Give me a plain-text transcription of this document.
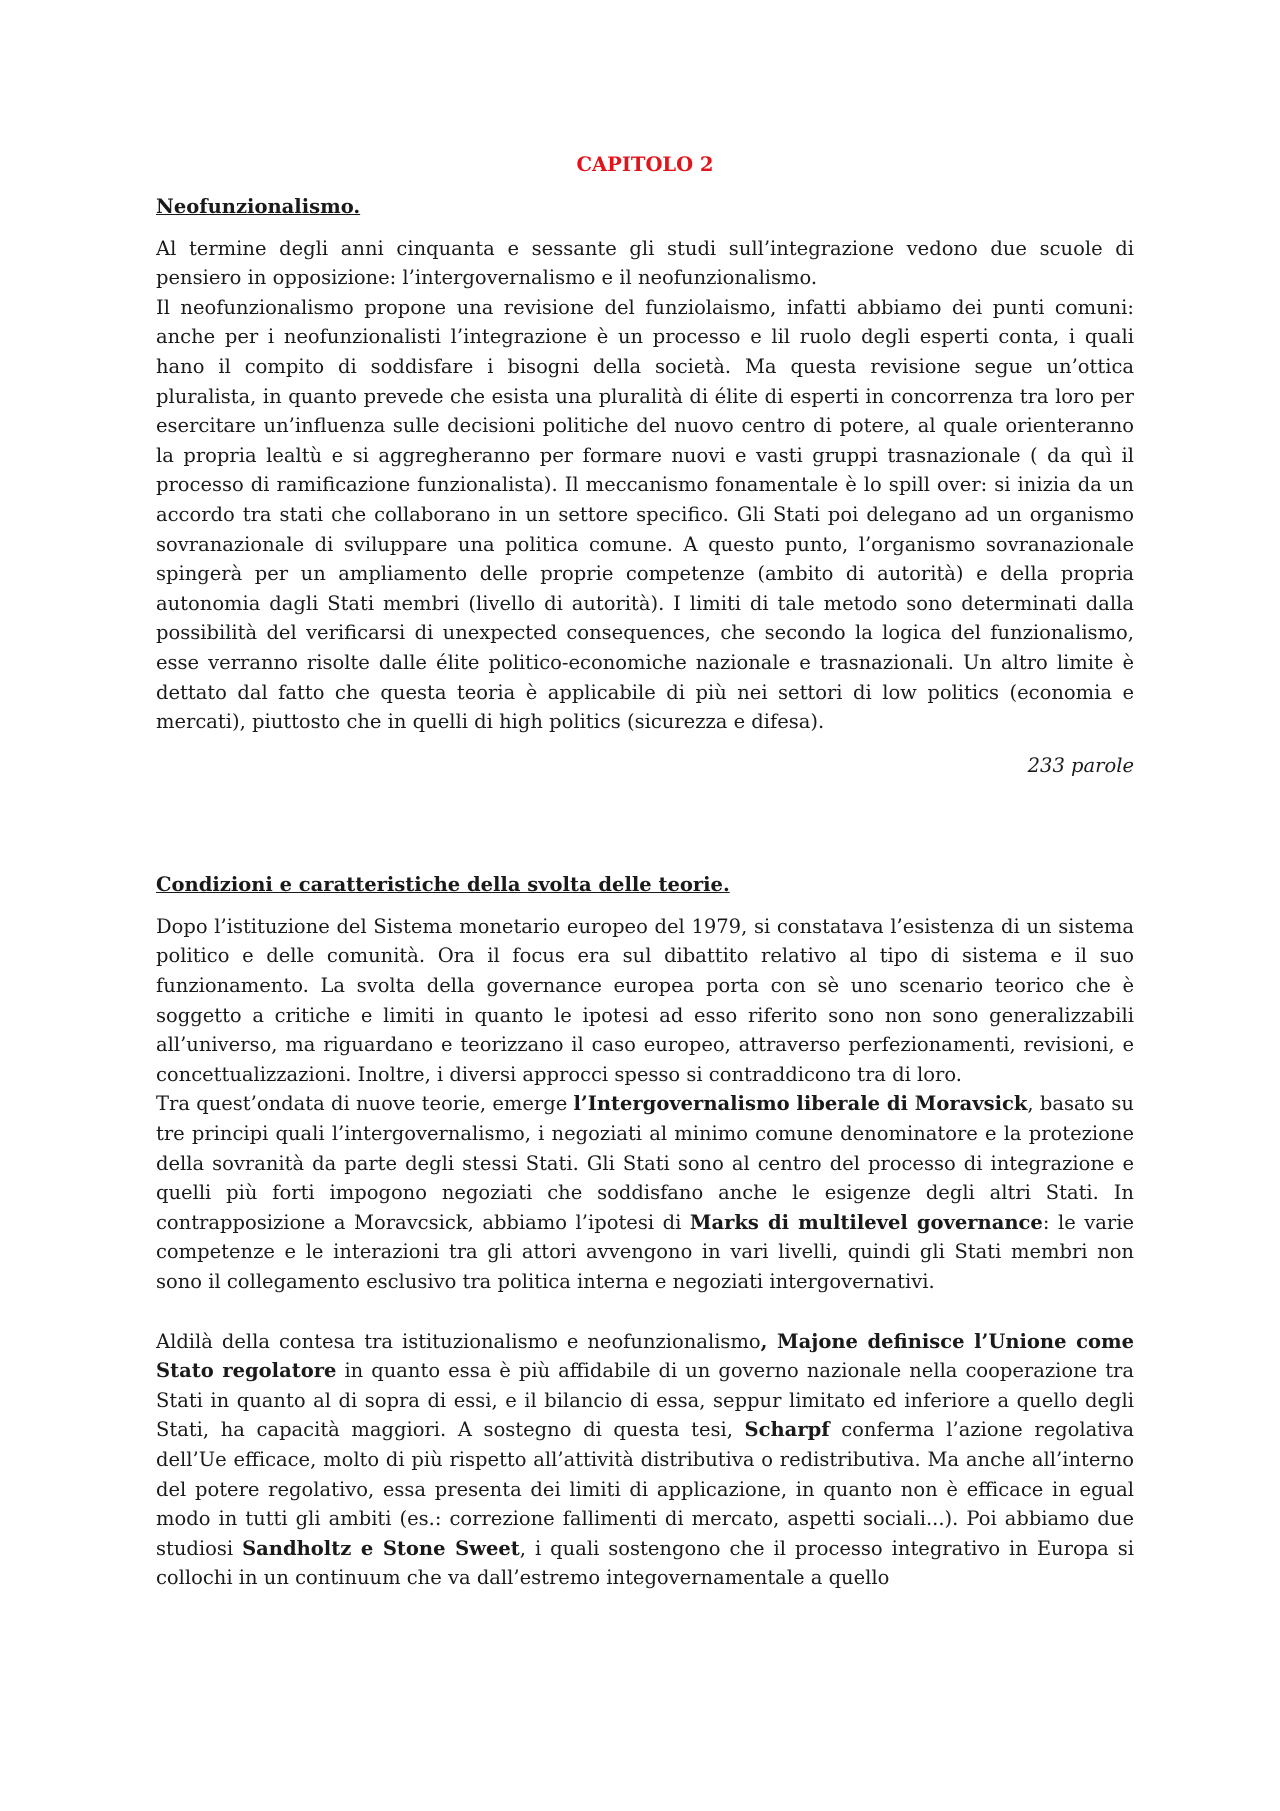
CAPITOLO 2
Neofunzionalismo.

Al termine degli anni cinquanta e sessante gli studi sull’integrazione vedono due scuole di pensiero in opposizione: l’intergovernalismo e il neofunzionalismo.

Il neofunzionalismo propone una revisione del funziolaismo, infatti abbiamo dei punti comuni: anche per i neofunzionalisti l’integrazione è un processo e lil ruolo degli esperti conta, i quali hano il compito di soddisfare i bisogni della società. Ma questa revisione segue un’ottica pluralista, in quanto prevede che esista una pluralità di élite di esperti in concorrenza tra loro per esercitare un’influenza sulle decisioni politiche del nuovo centro di potere, al quale orienteranno la propria lealtù e si aggregheranno per formare nuovi e vasti gruppi trasnazionale ( da quì il processo di ramificazione funzionalista). Il meccanismo fonamentale è lo spill over: si inizia da un accordo tra stati che collaborano in un settore specifico. Gli Stati poi delegano ad un organismo sovranazionale di sviluppare una politica comune. A questo punto, l’organismo sovranazionale spingerà per un ampliamento delle proprie competenze (ambito di autorità) e della propria autonomia dagli Stati membri (livello di autorità). I limiti di tale metodo sono determinati dalla possibilità del verificarsi di unexpected consequences, che secondo la logica del funzionalismo, esse verranno risolte dalle élite politico-economiche nazionale e trasnazionali. Un altro limite è dettato dal fatto che questa teoria è applicabile di più nei settori di low politics (economia e mercati), piuttosto che in quelli di high politics (sicurezza e difesa).

233 parole
Condizioni e caratteristiche della svolta delle teorie.

Dopo l’istituzione del Sistema monetario europeo del 1979, si constatava l’esistenza di un sistema politico e delle comunità. Ora il focus era sul dibattito relativo al tipo di sistema e il suo funzionamento. La svolta della governance europea porta con sè uno scenario teorico che è soggetto a critiche e limiti in quanto le ipotesi ad esso riferito sono non sono generalizzabili all’universo, ma riguardano e teorizzano il caso europeo, attraverso perfezionamenti, revisioni, e concettualizzazioni. Inoltre, i diversi approcci spesso si contraddicono tra di loro.

Tra quest’ondata di nuove teorie, emerge l’Intergovernalismo liberale di Moravsick, basato su tre principi quali l’intergovernalismo, i negoziati al minimo comune denominatore e la protezione della sovranità da parte degli stessi Stati. Gli Stati sono al centro del processo di integrazione e quelli più forti impogono negoziati che soddisfano anche le esigenze degli altri Stati. In contrapposizione a Moravcsick, abbiamo l’ipotesi di Marks di multilevel governance: le varie competenze e le interazioni tra gli attori avvengono in vari livelli, quindi gli Stati membri non sono il collegamento esclusivo tra politica interna e negoziati intergovernativi.

Aldilà della contesa tra istituzionalismo e neofunzionalismo, Majone definisce l’Unione come Stato regolatore in quanto essa è più affidabile di un governo nazionale nella cooperazione tra Stati in quanto al di sopra di essi, e il bilancio di essa, seppur limitato ed inferiore a quello degli Stati, ha capacità maggiori. A sostegno di questa tesi, Scharpf conferma l’azione regolativa dell’Ue efficace, molto di più rispetto all’attività distributiva o redistributiva. Ma anche all’interno del potere regolativo, essa presenta dei limiti di applicazione, in quanto non è efficace in egual modo in tutti gli ambiti (es.: correzione fallimenti di mercato, aspetti sociali...). Poi abbiamo due studiosi Sandholtz e Stone Sweet, i quali sostengono che il processo integrativo in Europa si collochi in un continuum che va dall’estremo integovernamentale a quello
